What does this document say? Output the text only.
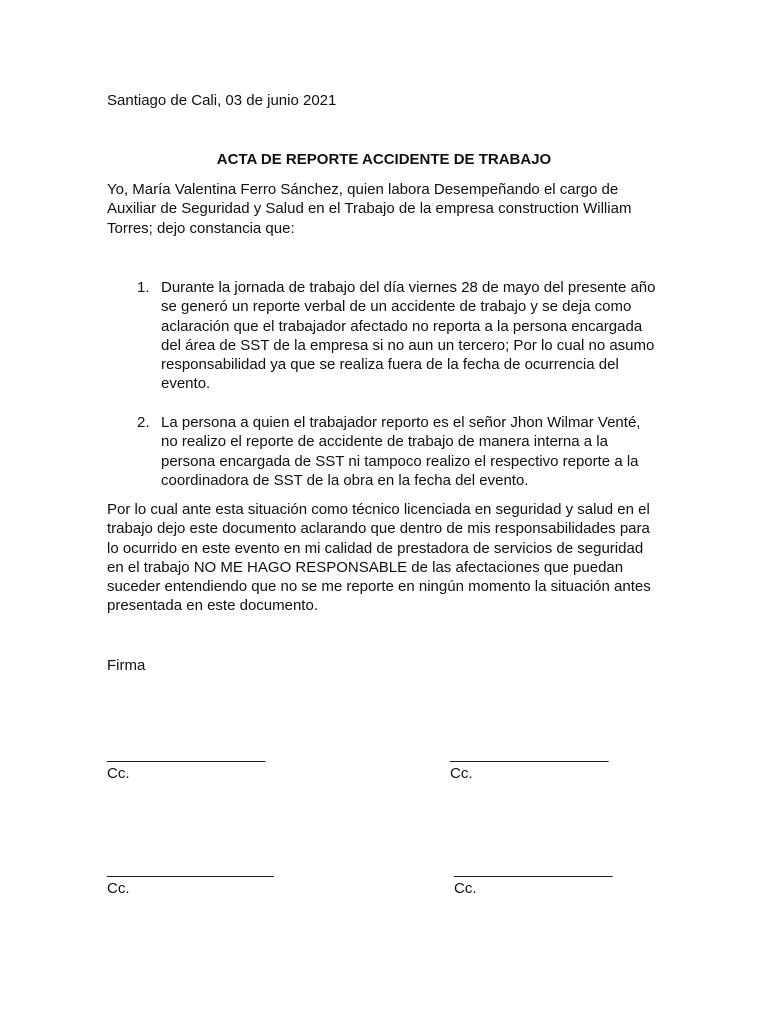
Santiago de Cali, 03 de junio 2021
ACTA DE REPORTE ACCIDENTE DE TRABAJO
Yo, María Valentina Ferro Sánchez, quien labora Desempeñando el cargo de
Auxiliar de Seguridad y Salud en el Trabajo de la empresa construction William
Torres; dejo constancia que:
1. Durante la jornada de trabajo del día viernes 28 de mayo del presente año
se generó un reporte verbal de un accidente de trabajo y se deja como
aclaración que el trabajador afectado no reporta a la persona encargada
del área de SST de la empresa si no aun un tercero; Por lo cual no asumo
responsabilidad ya que se realiza fuera de la fecha de ocurrencia del
evento.
2. La persona a quien el trabajador reporto es el señor Jhon Wilmar Venté,
no realizo el reporte de accidente de trabajo de manera interna a la
persona encargada de SST ni tampoco realizo el respectivo reporte a la
coordinadora de SST de la obra en la fecha del evento.
Por lo cual ante esta situación como técnico licenciada en seguridad y salud en el
trabajo dejo este documento aclarando que dentro de mis responsabilidades para
lo ocurrido en este evento en mi calidad de prestadora de servicios de seguridad
en el trabajo NO ME HAGO RESPONSABLE de las afectaciones que puedan
suceder entendiendo que no se me reporte en ningún momento la situación antes
presentada en este documento.
Firma
___________________
Cc.
___________________
Cc.
____________________
Cc.
___________________
Cc.
